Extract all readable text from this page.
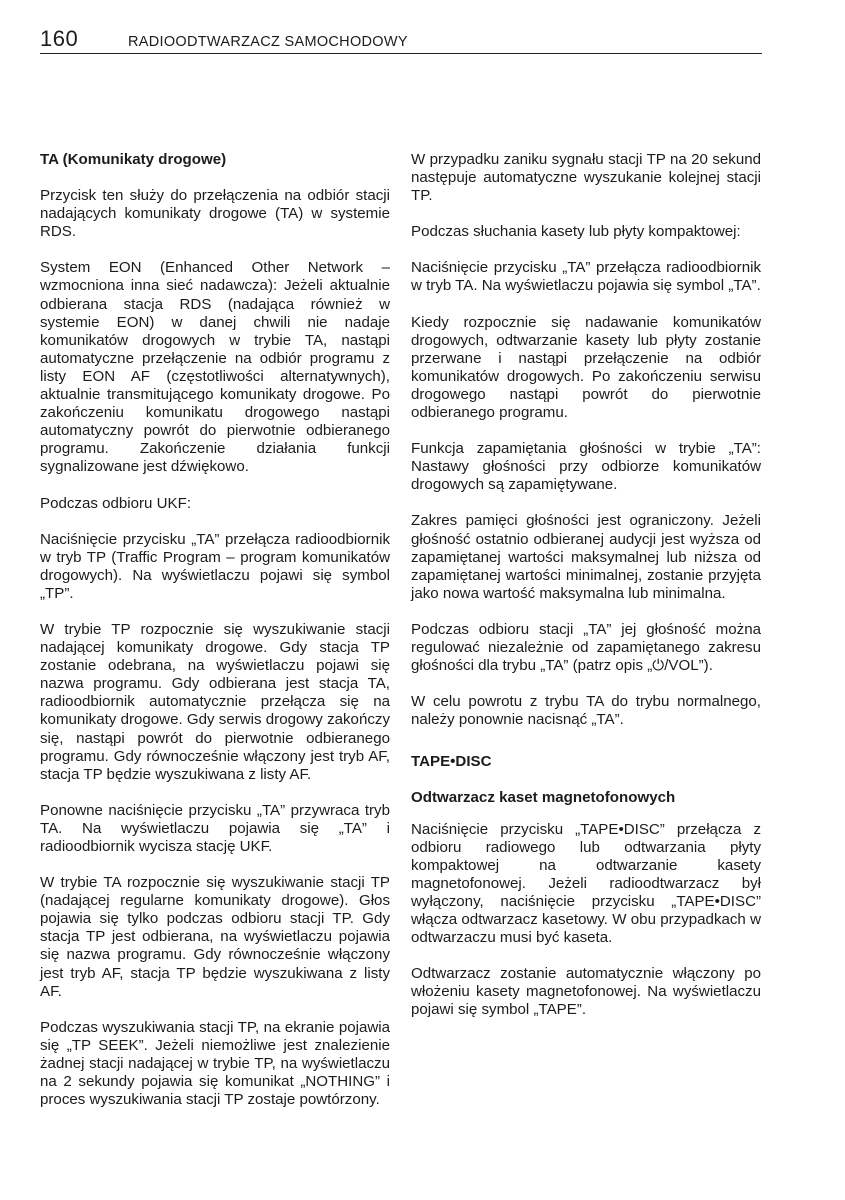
160	RADIOODTWARZACZ SAMOCHODOWY
TA (Komunikaty drogowe)

Przycisk ten służy do przełączenia na odbiór stacji nadających komunikaty drogowe (TA) w systemie RDS.

System EON (Enhanced Other Network – wzmocniona inna sieć nadawcza): Jeżeli aktualnie odbierana stacja RDS (nadająca również w systemie EON) w danej chwili nie nadaje komunikatów drogowych w trybie TA, nastąpi automatyczne przełączenie na odbiór programu z listy EON AF (częstotliwości alternatywnych), aktualnie transmitującego komunikaty drogowe. Po zakończeniu komunikatu drogowego nastąpi automatyczny powrót do pierwotnie odbieranego programu. Zakończenie działania funkcji sygnalizowane jest dźwiękowo.

Podczas odbioru UKF:

Naciśnięcie przycisku „TA” przełącza radioodbiornik w tryb TP (Traffic Program – program komunikatów drogowych). Na wyświetlaczu pojawi się symbol „TP”.

W trybie TP rozpocznie się wyszukiwanie stacji nadającej komunikaty drogowe. Gdy stacja TP zostanie odebrana, na wyświetlaczu pojawi się nazwa programu. Gdy odbierana jest stacja TA, radioodbiornik automatycznie przełącza się na komunikaty drogowe. Gdy serwis drogowy zakończy się, nastąpi powrót do pierwotnie odbieranego programu. Gdy równocześnie włączony jest tryb AF, stacja TP będzie wyszukiwana z listy AF.

Ponowne naciśnięcie przycisku „TA” przywraca tryb TA. Na wyświetlaczu pojawia się „TA” i radioodbiornik wycisza stację UKF.

W trybie TA rozpocznie się wyszukiwanie stacji TP (nadającej regularne komunikaty drogowe). Głos pojawia się tylko podczas odbioru stacji TP. Gdy stacja TP jest odbierana, na wyświetlaczu pojawia się nazwa programu. Gdy równocześnie włączony jest tryb AF, stacja TP będzie wyszukiwana z listy AF.

Podczas wyszukiwania stacji TP, na ekranie pojawia się „TP SEEK”. Jeżeli niemożliwe jest znalezienie żadnej stacji nadającej w trybie TP, na wyświetlaczu na 2 sekundy pojawia się komunikat „NOTHING” i proces wyszukiwania stacji TP zostaje powtórzony.

W przypadku zaniku sygnału stacji TP na 20 sekund następuje automatyczne wyszukanie kolejnej stacji TP.

Podczas słuchania kasety lub płyty kompaktowej:

Naciśnięcie przycisku „TA” przełącza radioodbiornik w tryb TA. Na wyświetlaczu pojawia się symbol „TA”.

Kiedy rozpocznie się nadawanie komunikatów drogowych, odtwarzanie kasety lub płyty zostanie przerwane i nastąpi przełączenie na odbiór komunikatów drogowych. Po zakończeniu serwisu drogowego nastąpi powrót do pierwotnie odbieranego programu.

Funkcja zapamiętania głośności w trybie „TA”: Nastawy głośności przy odbiorze komunikatów drogowych są zapamiętywane.

Zakres pamięci głośności jest ograniczony. Jeżeli głośność ostatnio odbieranej audycji jest wyższa od zapamiętanej wartości maksymalnej lub niższa od zapamiętanej wartości minimalnej, zostanie przyjęta jako nowa wartość maksymalna lub minimalna.

Podczas odbioru stacji „TA” jej głośność można regulować niezależnie od zapamiętanego zakresu głośności dla trybu „TA” (patrz opis „⏻/VOL”).

W celu powrotu z trybu TA do trybu normalnego, należy ponownie nacisnąć „TA”.

TAPE•DISC
Odtwarzacz kaset magnetofonowych

Naciśnięcie przycisku „TAPE•DISC” przełącza z odbioru radiowego lub odtwarzania płyty kompaktowej na odtwarzanie kasety magnetofonowej. Jeżeli radioodtwarzacz był wyłączony, naciśnięcie przycisku „TAPE•DISC” włącza odtwarzacz kasetowy. W obu przypadkach w odtwarzaczu musi być kaseta.

Odtwarzacz zostanie automatycznie włączony po włożeniu kasety magnetofonowej. Na wyświetlaczu pojawi się symbol „TAPE”.
